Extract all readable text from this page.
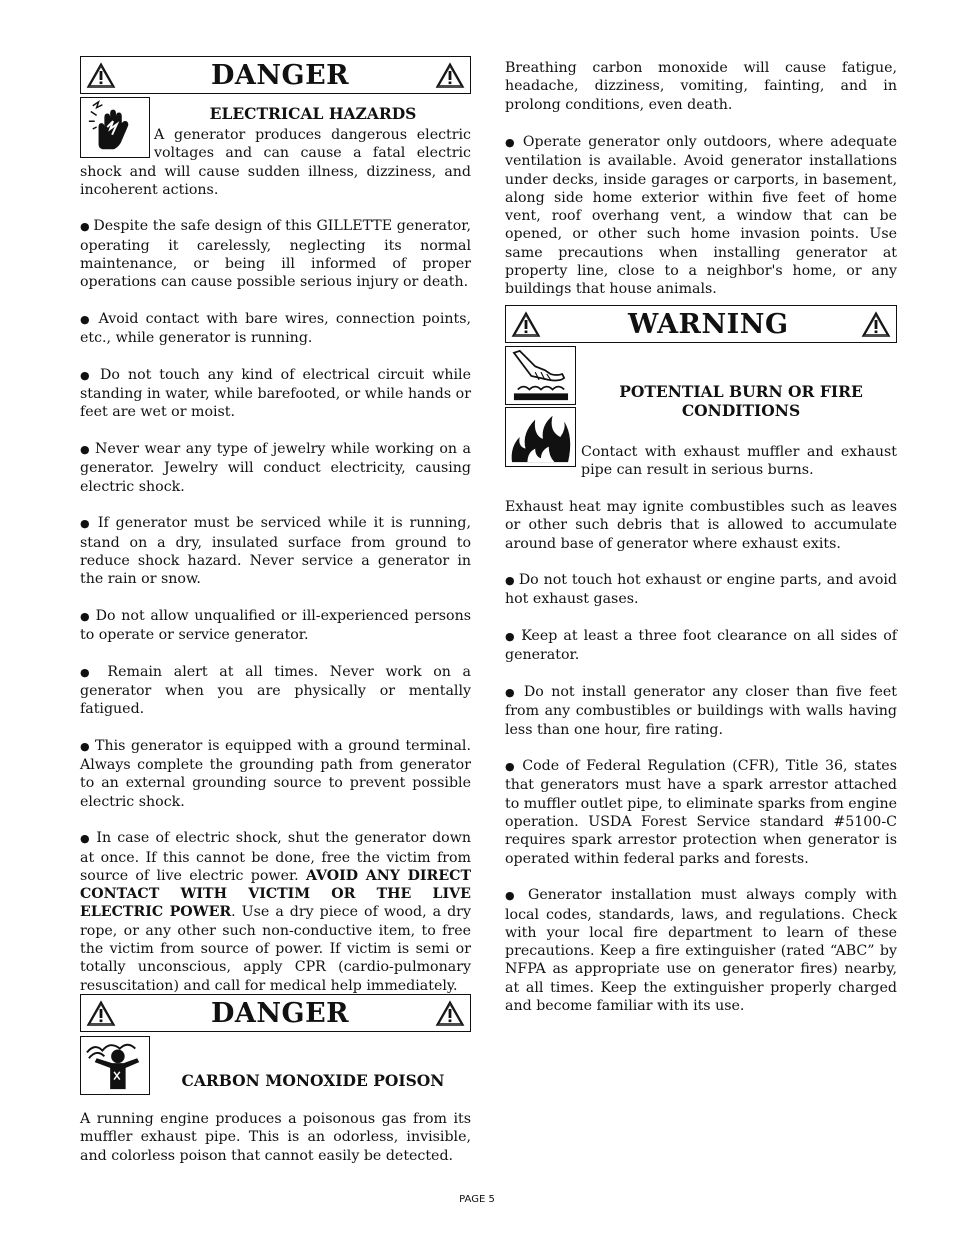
DANGER
ELECTRICAL HAZARDS

A generator produces dangerous electric voltages and can cause a fatal electric shock and will cause sudden illness, dizziness, and incoherent actions.

● Despite the safe design of this GILLETTE generator, operating it carelessly, neglecting its normal maintenance, or being ill informed of proper operations can cause possible serious injury or death.

● Avoid contact with bare wires, connection points, etc., while generator is running.

● Do not touch any kind of electrical circuit while standing in water, while barefooted, or while hands or feet are wet or moist.

● Never wear any type of jewelry while working on a generator. Jewelry will conduct electricity, causing electric shock.

● If generator must be serviced while it is running, stand on a dry, insulated surface from ground to reduce shock hazard. Never service a generator in the rain or snow.

● Do not allow unqualified or ill-experienced persons to operate or service generator.

● Remain alert at all times. Never work on a generator when you are physically or mentally fatigued.

● This generator is equipped with a ground terminal. Always complete the grounding path from generator to an external grounding source to prevent possible electric shock.

● In case of electric shock, shut the generator down at once. If this cannot be done, free the victim from source of live electric power. AVOID ANY DIRECT CONTACT WITH VICTIM OR THE LIVE ELECTRIC POWER. Use a dry piece of wood, a dry rope, or any other such non-conductive item, to free the victim from source of power. If victim is semi or totally unconscious, apply CPR (cardio-pulmonary resuscitation) and call for medical help immediately.

DANGER
CARBON MONOXIDE POISON

A running engine produces a poisonous gas from its muffler exhaust pipe. This is an odorless, invisible, and colorless poison that cannot easily be detected.

Breathing carbon monoxide will cause fatigue, headache, dizziness, vomiting, fainting, and in prolong conditions, even death.

● Operate generator only outdoors, where adequate ventilation is available. Avoid generator installations under decks, inside garages or carports, in basement, along side home exterior within five feet of home vent, roof overhang vent, a window that can be opened, or other such home invasion points. Use same precautions when installing generator at property line, close to a neighbor's home, or any buildings that house animals.

WARNING
POTENTIAL BURN OR FIRE
CONDITIONS

Contact with exhaust muffler and exhaust pipe can result in serious burns.

Exhaust heat may ignite combustibles such as leaves or other such debris that is allowed to accumulate around base of generator where exhaust exits.

● Do not touch hot exhaust or engine parts, and avoid hot exhaust gases.

● Keep at least a three foot clearance on all sides of generator.

● Do not install generator any closer than five feet from any combustibles or buildings with walls having less than one hour, fire rating.

● Code of Federal Regulation (CFR), Title 36, states that generators must have a spark arrestor attached to muffler outlet pipe, to eliminate sparks from engine operation. USDA Forest Service standard #5100-C requires spark arrestor protection when generator is operated within federal parks and forests.

● Generator installation must always comply with local codes, standards, laws, and regulations. Check with your local fire department to learn of these precautions. Keep a fire extinguisher (rated “ABC” by NFPA as appropriate use on generator fires) nearby, at all times. Keep the extinguisher properly charged and become familiar with its use.

PAGE 5
